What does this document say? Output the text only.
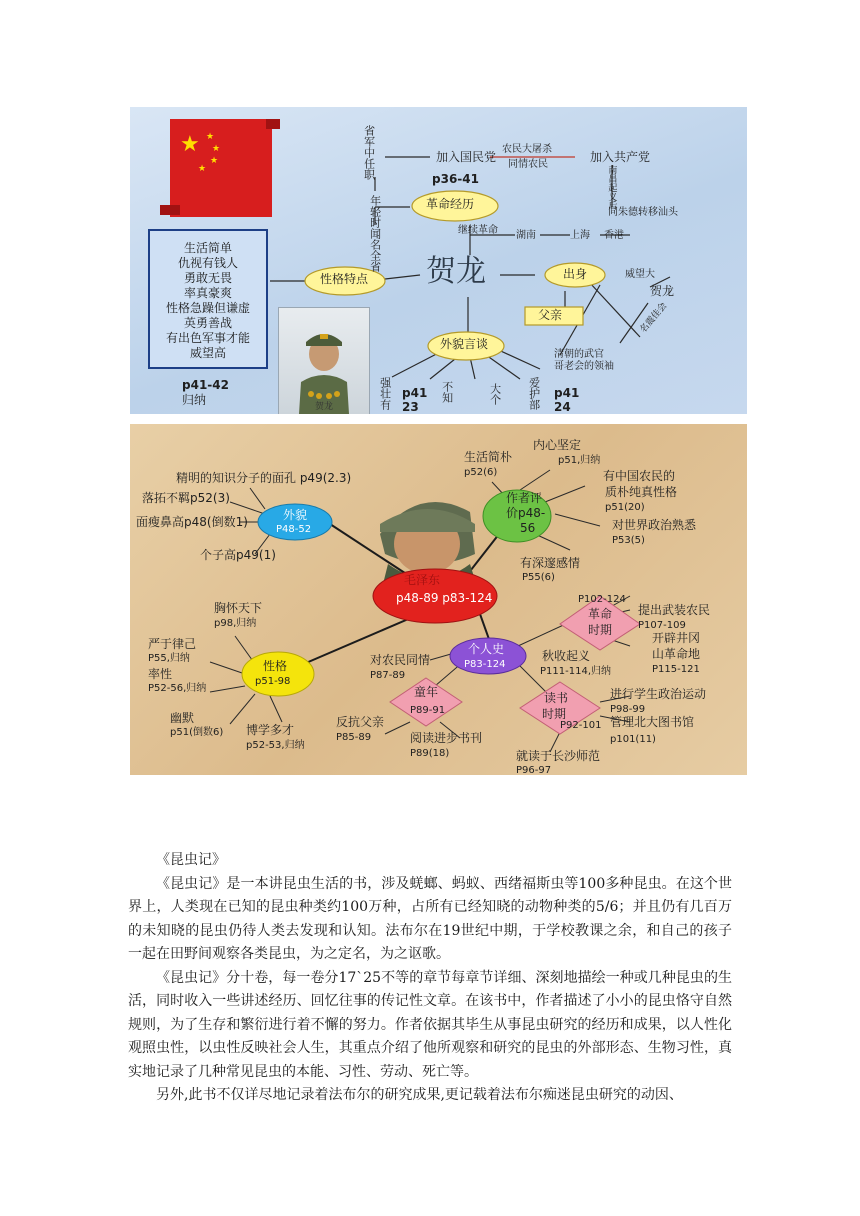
★ ★
★
★
★	省军中任职
年轻时闻名全省
加入国民党
农民大屠杀
同情农民
加入共产党
南昌起义后
同朱德转移汕头
p36-41
革命经历
继续革命 湖南	上海 香港
贺龙
性格特点	出身	威望大
贺龙
名震佳会
父亲
清朝的武官
哥老会的领袖
外貌言谈
生活简单
仇视有钱人
勇敢无畏
率真豪爽
性格急躁但谦虚
英勇善战
有出色军事才能
威望高
p41-42
归纳	贺龙	强壮有 p41
23
不知	大个 爱护部 p41
24
毛泽东
p48-89 p83-124
外貌
P48-52
精明的知识分子的面孔 p49(2.3)
落拓不羁p52(3)
面瘦鼻高p48(倒数1)
个子高p49(1)
作者评
价p48-
56
生活简朴
p52(6)
内心坚定
p51,归纳
有中国农民的
质朴纯真性格
p51(20)
对世界政治熟悉
P53(5)
有深邃感情
P55(6)
性格
p51-98
胸怀天下
p98,归纳
严于律己
P55,归纳
率性
P52-56,归纳
幽默
p51(倒数6) 博学多才
p52-53,归纳
个人史
P83-124
童年
P89-91
对农民同情
P87-89
反抗父亲
P85-89	阅读进步书刊
P89(18)
革命
时期
P102-124
提出武装农民
P107-109
开辟井冈
山革命地
P115-121
秋收起义
P111-114,归纳
读书
时期
进行学生政治运动
P98-99
P92-101 管理北大图书馆
p101(11)
就读于长沙师范
P96-97

《昆虫记》

《昆虫记》是一本讲昆虫生活的书，涉及蜣螂、蚂蚁、西绪福斯虫等100多种昆虫。在这个世界上，人类现在已知的昆虫种类约100万种，占所有已经知晓的动物种类的5/6；并且仍有几百万的未知晓的昆虫仍待人类去发现和认知。法布尔在19世纪中期，于学校教课之余，和自己的孩子一起在田野间观察各类昆虫，为之定名，为之讴歌。

《昆虫记》分十卷，每一卷分17`25不等的章节每章节详细、深刻地描绘一种或几种昆虫的生活，同时收入一些讲述经历、回忆往事的传记性文章。在该书中，作者描述了小小的昆虫恪守自然规则，为了生存和繁衍进行着不懈的努力。作者依据其毕生从事昆虫研究的经历和成果，以人性化观照虫性，以虫性反映社会人生，其重点介绍了他所观察和研究的昆虫的外部形态、生物习性，真实地记录了几种常见昆虫的本能、习性、劳动、死亡等。

另外,此书不仅详尽地记录着法布尔的研究成果,更记载着法布尔痴迷昆虫研究的动因、
